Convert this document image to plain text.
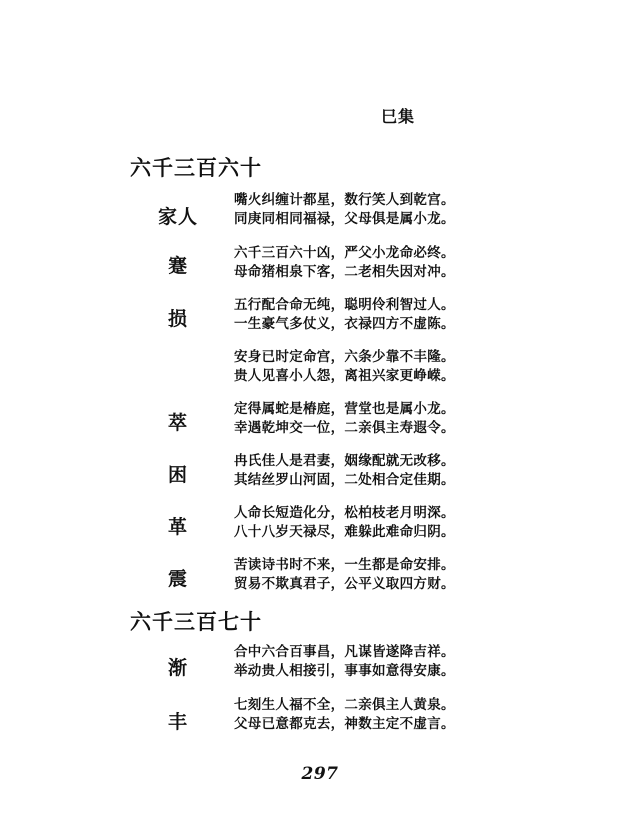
巳集
六千三百六十
家人
嘴火纠缠计都星，数行笑人到乾宫。
同庚同相同福禄，父母俱是属小龙。
蹇
六千三百六十凶，严父小龙命必终。
母命猪相泉下客，二老相失因对冲。
损
五行配合命无纯，聪明伶利智过人。
一生豪气多仗义，衣禄四方不虚陈。
安身已时定命宫，六条少靠不丰隆。
贵人见喜小人怨，离祖兴家更峥嵘。
萃
定得属蛇是椿庭，营堂也是属小龙。
幸遇乾坤交一位，二亲俱主寿遐令。
困
冉氏佳人是君妻，姻缘配就无改移。
其结丝罗山河固，二处相合定佳期。
革
人命长短造化分，松柏枝老月明深。
八十八岁天禄尽，难躲此难命归阴。
震
苦读诗书时不来，一生都是命安排。
贸易不欺真君子，公平义取四方财。
六千三百七十
渐
合中六合百事昌，凡谋皆遂降吉祥。
举动贵人相接引，事事如意得安康。
丰
七刻生人福不全，二亲俱主人黄泉。
父母已意都克去，神数主定不虚言。
297
